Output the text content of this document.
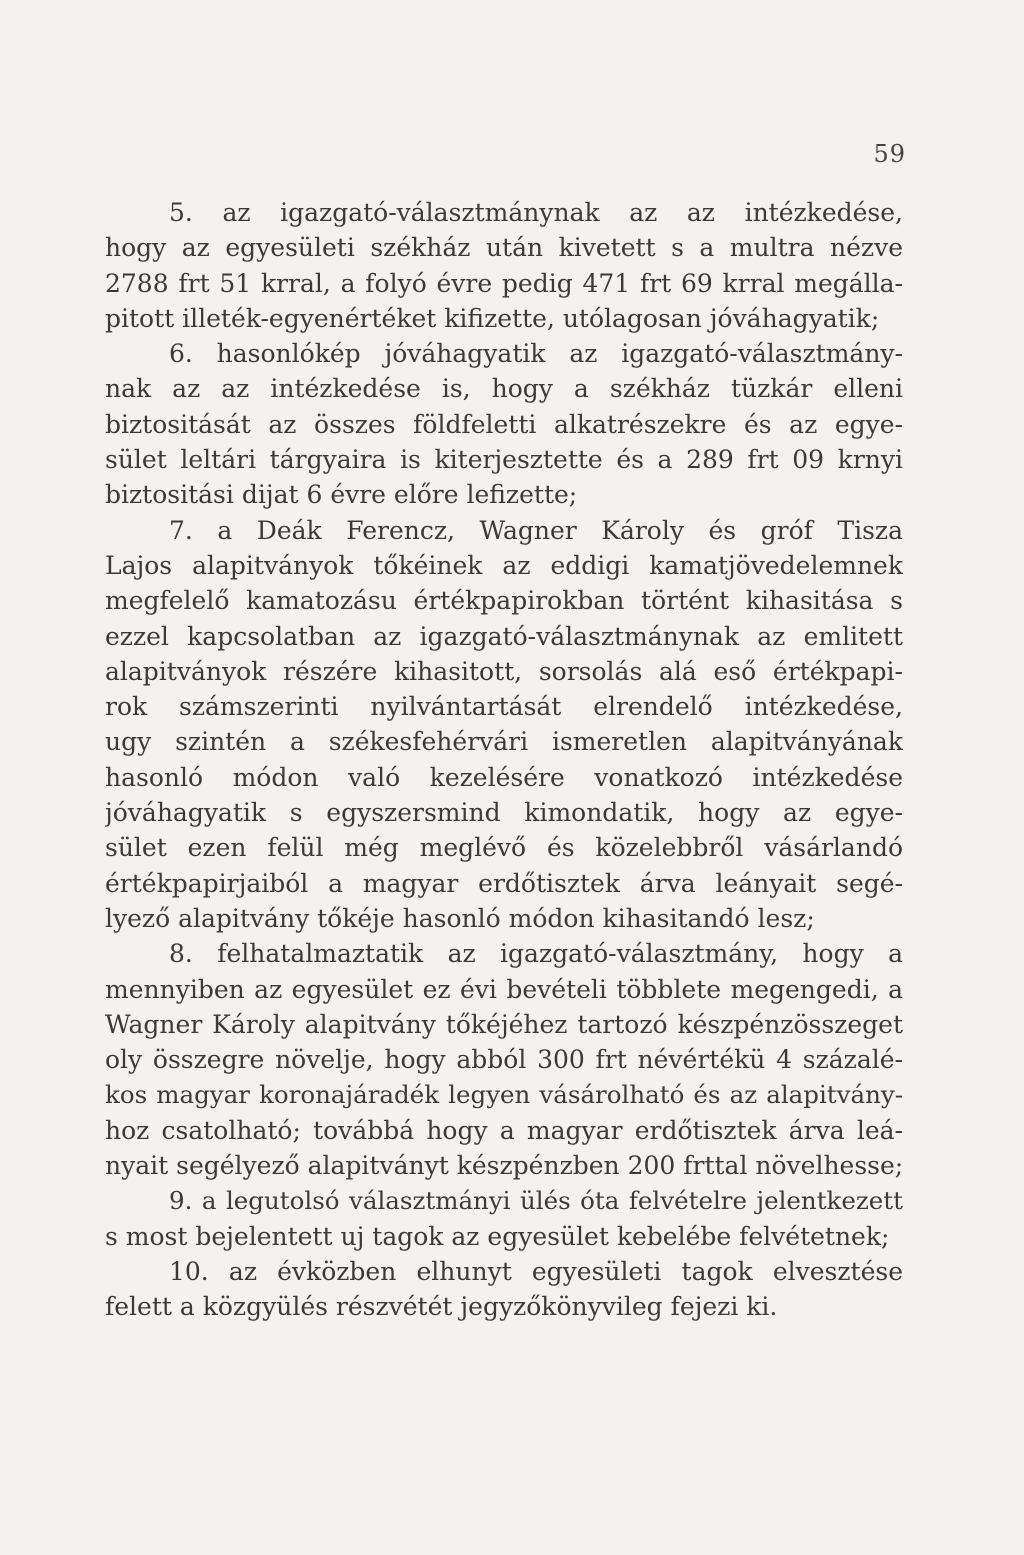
59
5. az igazgató-választmánynak az az intézkedése,
hogy az egyesületi székház után kivetett s a multra nézve
2788 frt 51 krral, a folyó évre pedig 471 frt 69 krral megálla-
pitott illeték-egyenértéket kifizette, utólagosan jóváhagyatik;
6. hasonlókép jóváhagyatik az igazgató-választmány-
nak az az intézkedése is, hogy a székház tüzkár elleni
biztositását az összes földfeletti alkatrészekre és az egye-
sület leltári tárgyaira is kiterjesztette és a 289 frt 09 krnyi
biztositási dijat 6 évre előre lefizette;
7. a Deák Ferencz, Wagner Károly és gróf Tisza
Lajos alapitványok tőkéinek az eddigi kamatjövedelemnek
megfelelő kamatozásu értékpapirokban történt kihasitása s
ezzel kapcsolatban az igazgató-választmánynak az emlitett
alapitványok részére kihasitott, sorsolás alá eső értékpapi-
rok számszerinti nyilvántartását elrendelő intézkedése,
ugy szintén a székesfehérvári ismeretlen alapitványának
hasonló módon való kezelésére vonatkozó intézkedése
jóváhagyatik s egyszersmind kimondatik, hogy az egye-
sület ezen felül még meglévő és közelebbről vásárlandó
értékpapirjaiból a magyar erdőtisztek árva leányait segé-
lyező alapitvány tőkéje hasonló módon kihasitandó lesz;
8. felhatalmaztatik az igazgató-választmány, hogy a
mennyiben az egyesület ez évi bevételi többlete megengedi, a
Wagner Károly alapitvány tőkéjéhez tartozó készpénzösszeget
oly összegre növelje, hogy abból 300 frt névértékü 4 százalé-
kos magyar koronajáradék legyen vásárolható és az alapitvány-
hoz csatolható; továbbá hogy a magyar erdőtisztek árva leá-
nyait segélyező alapitványt készpénzben 200 frttal növelhesse;
9. a legutolsó választmányi ülés óta felvételre jelentkezett
s most bejelentett uj tagok az egyesület kebelébe felvétetnek;
10. az évközben elhunyt egyesületi tagok elvesztése
felett a közgyülés részvétét jegyzőkönyvileg fejezi ki.
